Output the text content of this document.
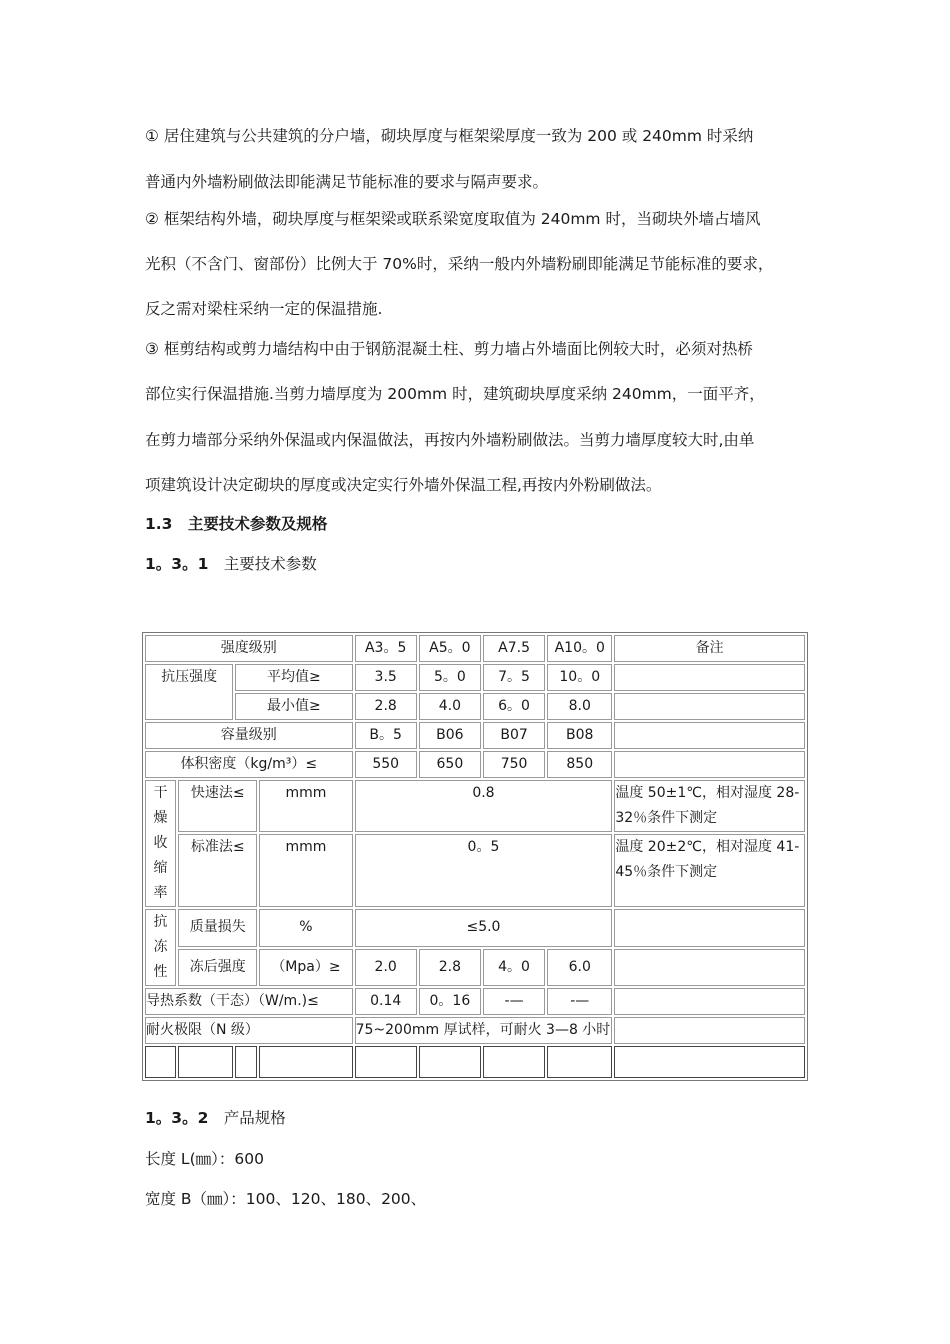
① 居住建筑与公共建筑的分户墙，砌块厚度与框架梁厚度一致为 200 或 240mm 时采纳
普通内外墙粉刷做法即能满足节能标准的要求与隔声要求。
② 框架结构外墙，砌块厚度与框架梁或联系梁宽度取值为 240mm 时，当砌块外墙占墙风
光积（不含门、窗部份）比例大于 70%时，采纳一般内外墙粉刷即能满足节能标准的要求，
反之需对梁柱采纳一定的保温措施.
③ 框剪结构或剪力墙结构中由于钢筋混凝土柱、剪力墙占外墙面比例较大时，必须对热桥
部位实行保温措施.当剪力墙厚度为 200mm 时，建筑砌块厚度采纳 240mm，一面平齐，
在剪力墙部分采纳外保温或内保温做法，再按内外墙粉刷做法。当剪力墙厚度较大时,由单
项建筑设计决定砌块的厚度或决定实行外墙外保温工程,再按内外粉刷做法。
1.3 主要技术参数及规格
1。3。1 主要技术参数
强度级别				A3。5	A5。0	A7.5	A10。0	备注
抗压强度		平均值≥		3.5	5。0	7。5	10。0	
		最小值≥		2.8	4.0	6。0	8.0	
容量级别				B。5	B06	B07	B08	
体积密度（kg/m³）≤				550	650	750	850	
干燥收缩率	快速法≤		mmm	0.8				温度 50±1℃，相对湿度 28-32％条件下测定
	标准法≤		mmm	0。5				温度 20±2℃，相对湿度 41-45％条件下测定
抗冻性	质量损失		%	≤5.0				
	冻后强度		（Mpa）≥	2.0	2.8	4。0	6.0	
导热系数（干态）（W/m.)≤				0.14	0。16	-—	-—	
耐火极限（N 级）				75~200mm 厚试样，可耐火 3—8 小时				

1。3。2 产品规格
长度 L(㎜）：600
宽度 B（㎜）：100、120、180、200、
